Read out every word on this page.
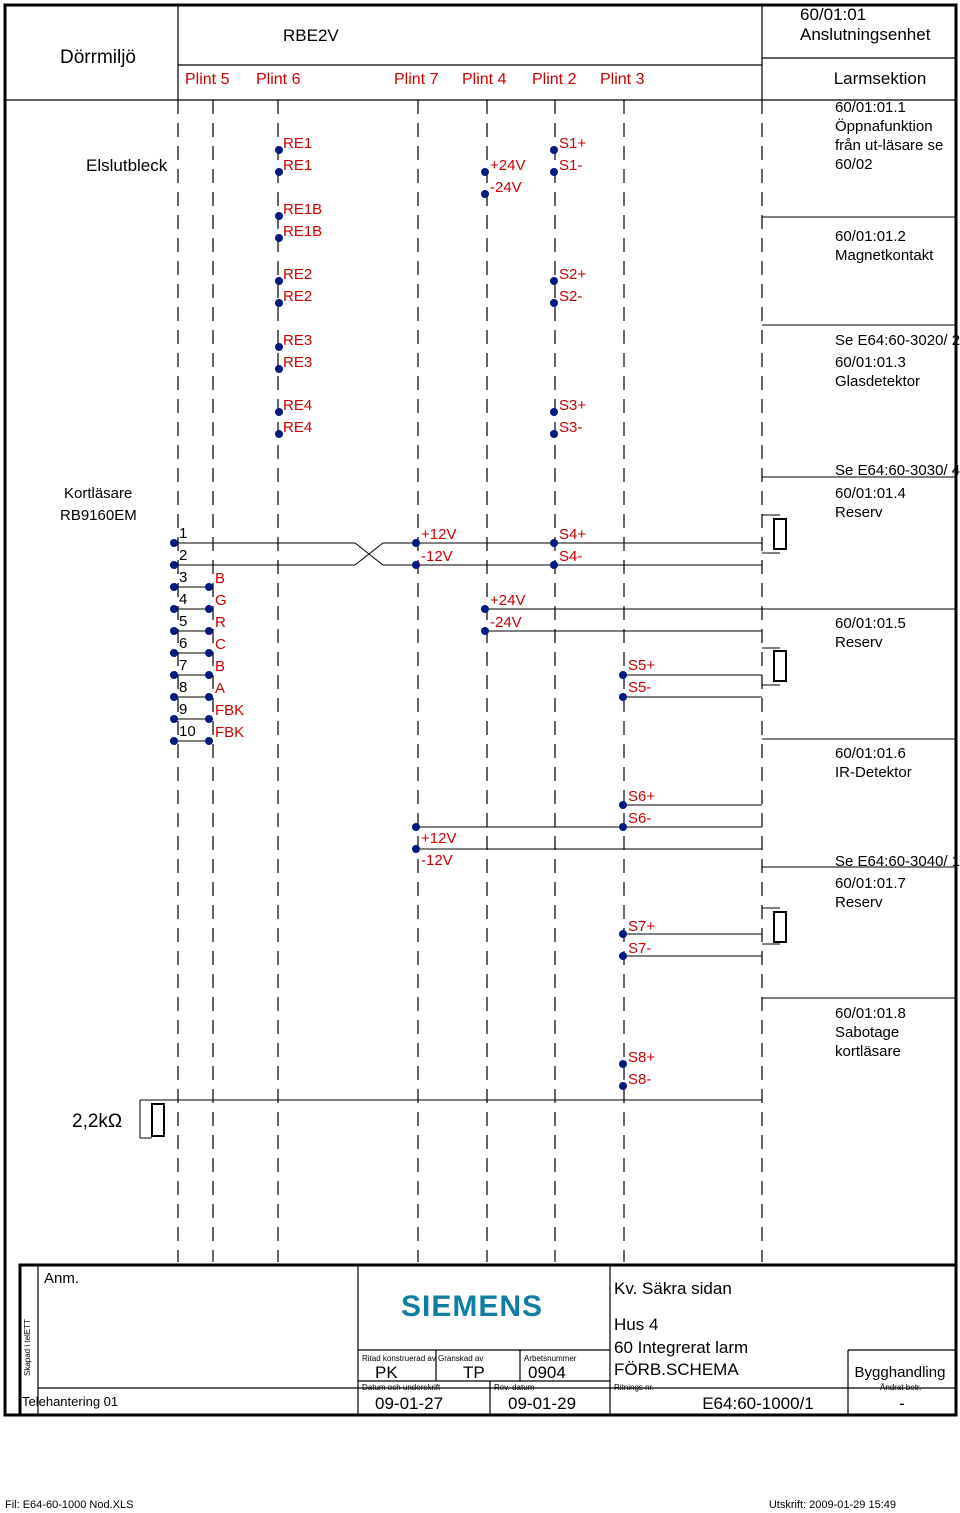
Dörrmiljö
RBE2V
60/01:01
Anslutningsenhet
Larmsektion
Plint 5 Plint 6	Plint 7 Plint 4 Plint 2 Plint 3
Elslutbleck
Kortläsare
RB9160EM
2,2kΩ
1
2
3
4
5
6
7
8
9
10
B
G
R
C
B
A
FBK
FBK
RE1
RE1
RE1B
RE1B
RE2
RE2
RE3
RE3
RE4
RE4
+24V
-24V
+24V
-24V
+12V
-12V
+12V
-12V
S1+
S1-
S2+
S2-
S3+
S3-
S4+
S4-
S5+
S5-
S6+
S6-
S7+
S7-
S8+
S8-
60/01:01.1
Öppnafunktion
från ut-läsare se
60/02
60/01:01.2
Magnetkontakt
Se E64:60-3020/ 2
60/01:01.3
Glasdetektor
Se E64:60-3030/ 4
60/01:01.4
Reserv
60/01:01.5
Reserv
60/01:01.6
IR-Detektor
Se E64:60-3040/ 1
60/01:01.7
Reserv
60/01:01.8
Sabotage
kortläsare
Anm.
Skapad i telETT
Telehantering 01
SIEMENS
Ritad konstruerad av Granskad av	Arbetsnummer
PK	TP	0904
Datum och underskrift	Rev. datum
09-01-27	09-01-29
Kv. Säkra sidan
Hus 4
60 Integrerat larm
FÖRB.SCHEMA
Ritnings nr.
E64:60-1000/1
Bygghandling
Ändrat betr.
-
Fil: E64-60-1000 Nod.XLS	Utskrift: 2009-01-29 15:49
